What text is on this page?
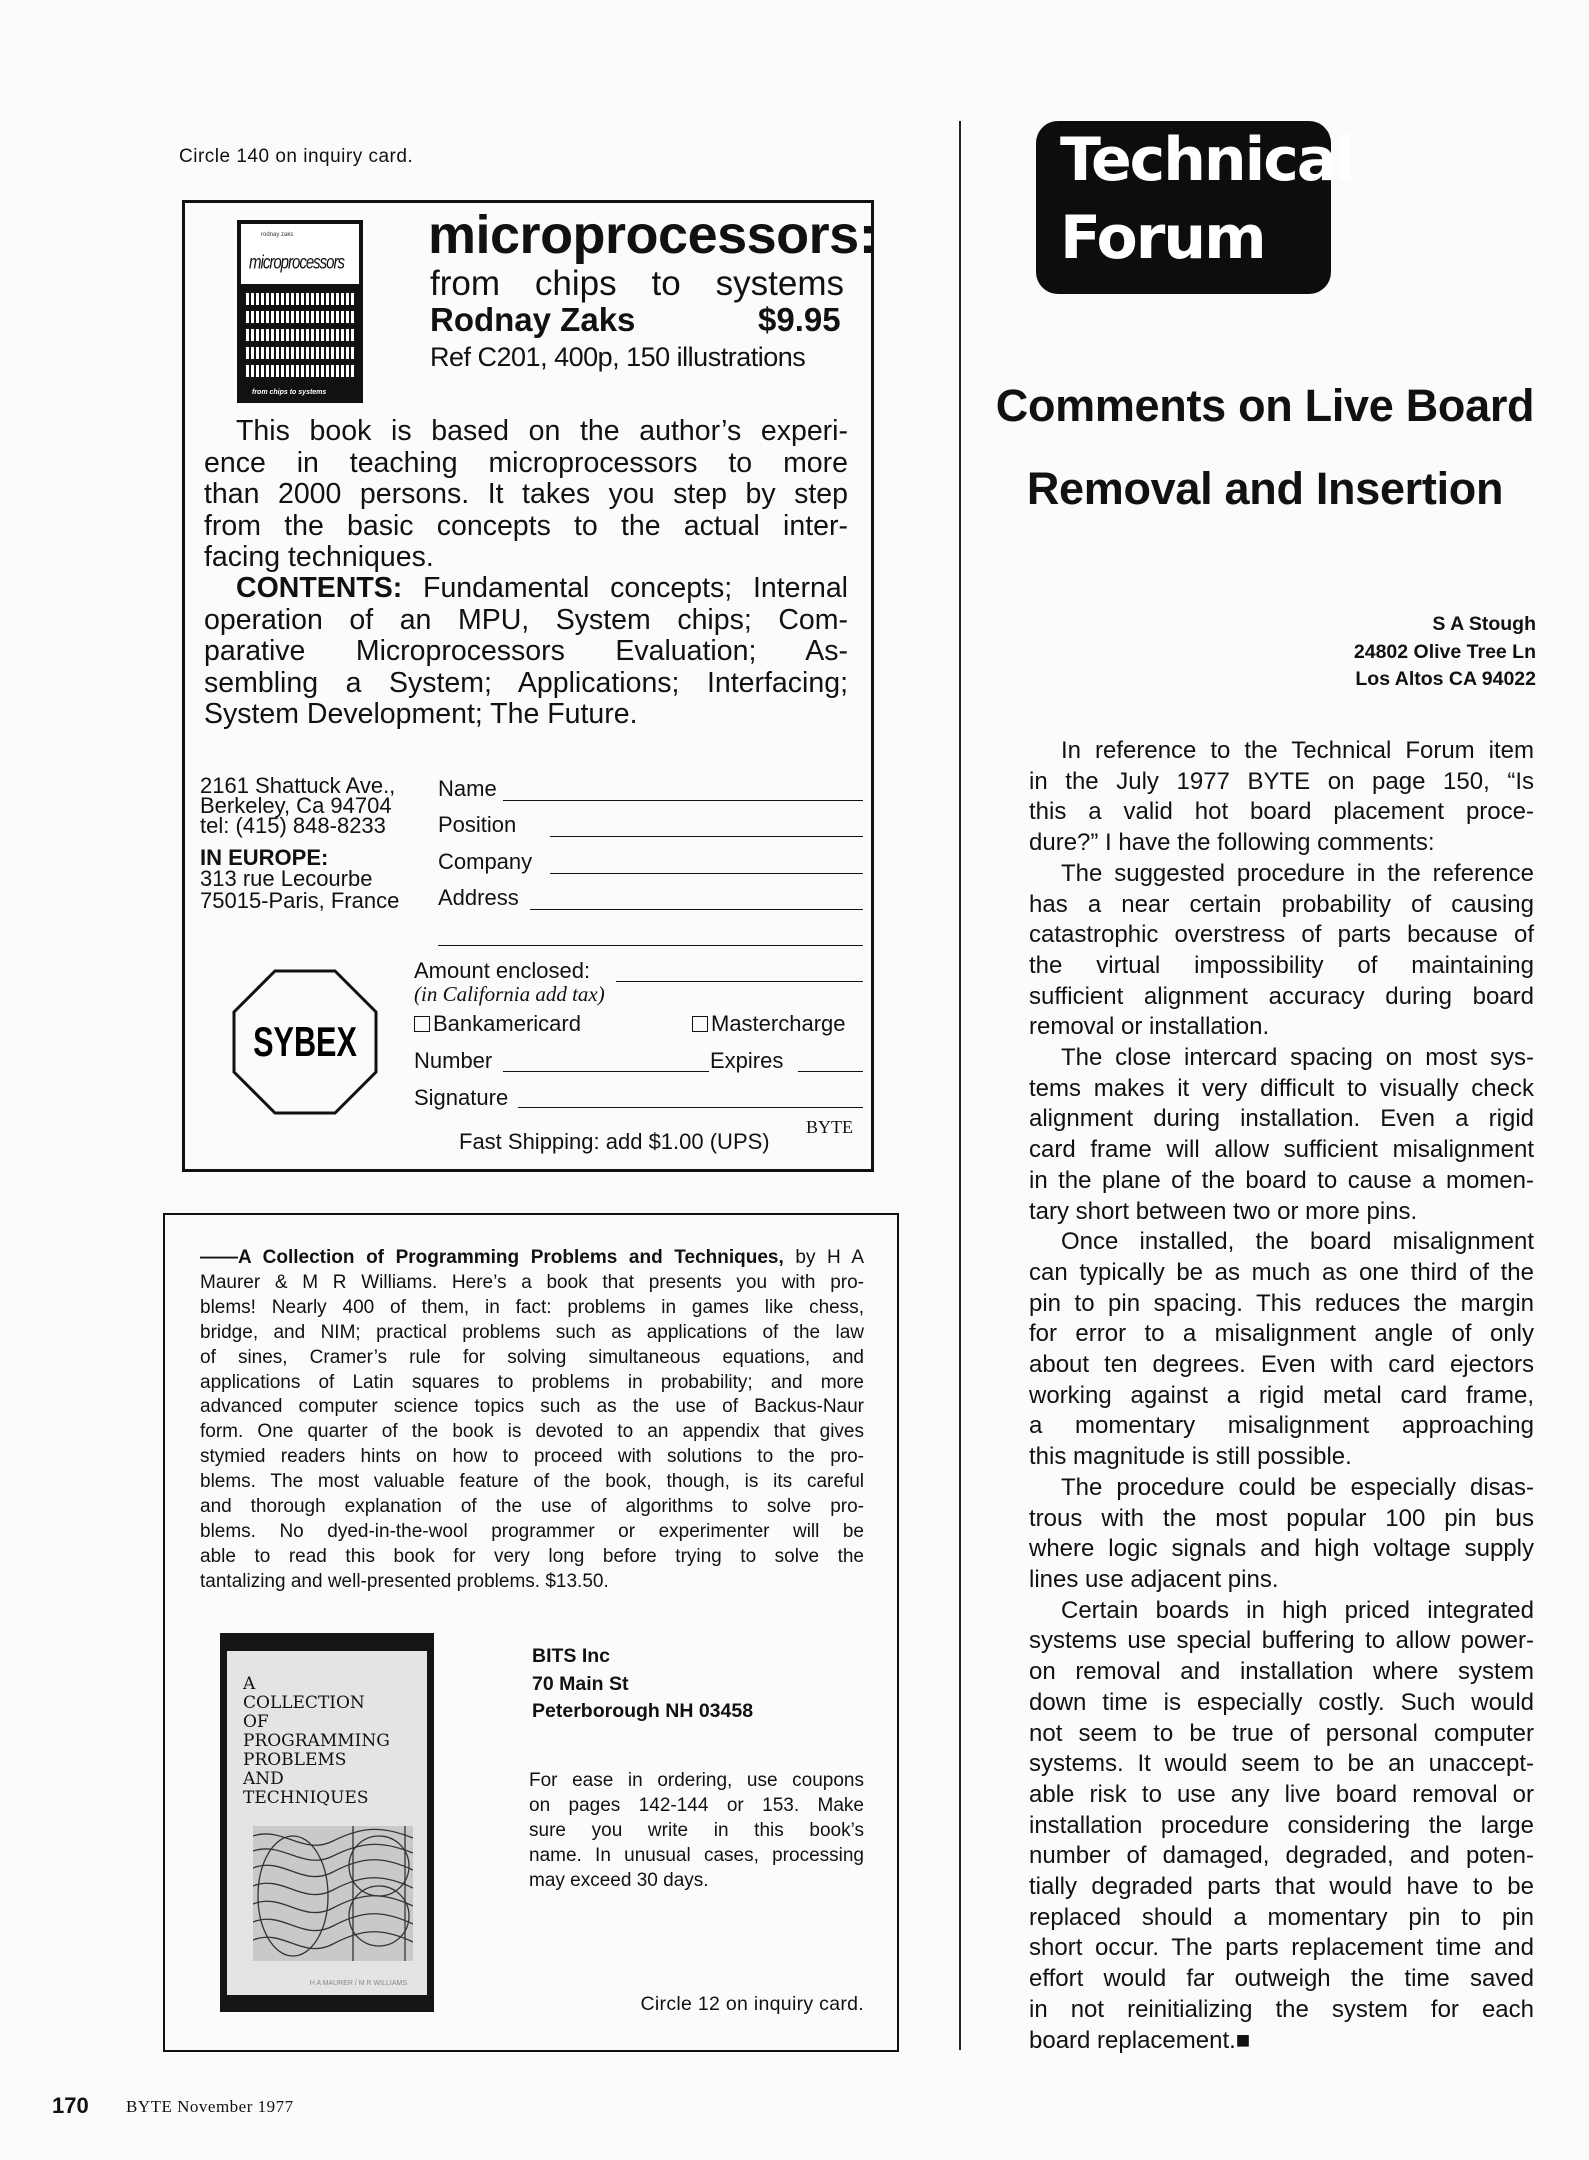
Circle 140 on inquiry card.
rodnay zaks
microprocessors
from chips to systems
microprocessors:
from chips to systems
Rodnay Zaks	$9.95
Ref C201, 400p, 150 illustrations
This book is based on the author’s experi-
ence in teaching microprocessors to more
than 2000 persons. It takes you step by step
from the basic concepts to the actual inter-
facing techniques.
CONTENTS: Fundamental concepts; Internal
operation of an MPU, System chips; Com-
parative Microprocessors Evaluation; As-
sembling a System; Applications; Interfacing;
System Development; The Future.
2161 Shattuck Ave.,
Berkeley, Ca 94704
tel: (415) 848-8233
IN EUROPE:
313 rue Lecourbe
75015-Paris, France
Name
Position
Company
Address
Amount enclosed:
(in California add tax)
Bankamericard	Mastercharge
Number	Expires
Signature
Fast Shipping: add $1.00 (UPS)
BYTE
SYBEX
——A Collection of Programming Problems and Techniques, by H A
Maurer & M R Williams. Here’s a book that presents you with pro-
blems! Nearly 400 of them, in fact: problems in games like chess,
bridge, and NIM; practical problems such as applications of the law
of sines, Cramer’s rule for solving simultaneous equations, and
applications of Latin squares to problems in probability; and more
advanced computer science topics such as the use of Backus-Naur
form. One quarter of the book is devoted to an appendix that gives
stymied readers hints on how to proceed with solutions to the pro-
blems. The most valuable feature of the book, though, is its careful
and thorough explanation of the use of algorithms to solve pro-
blems. No dyed-in-the-wool programmer or experimenter will be
able to read this book for very long before trying to solve the
tantalizing and well-presented problems. $13.50.
A
COLLECTION
OF
PROGRAMMING
PROBLEMS
AND
TECHNIQUES
H A MAURER / M R WILLIAMS
BITS Inc
70 Main St
Peterborough NH 03458
For ease in ordering, use coupons
on pages 142-144 or 153. Make
sure you write in this book’s
name. In unusual cases, processing
may exceed 30 days.
Circle 12 on inquiry card.
Technical
Forum
Comments on Live Board
Removal and Insertion
S A Stough
24802 Olive Tree Ln
Los Altos CA 94022
In reference to the Technical Forum item
in the July 1977 BYTE on page 150, “Is
this a valid hot board placement proce-
dure?” I have the following comments:
The suggested procedure in the reference
has a near certain probability of causing
catastrophic overstress of parts because of
the virtual impossibility of maintaining
sufficient alignment accuracy during board
removal or installation.
The close intercard spacing on most sys-
tems makes it very difficult to visually check
alignment during installation. Even a rigid
card frame will allow sufficient misalignment
in the plane of the board to cause a momen-
tary short between two or more pins.
Once installed, the board misalignment
can typically be as much as one third of the
pin to pin spacing. This reduces the margin
for error to a misalignment angle of only
about ten degrees. Even with card ejectors
working against a rigid metal card frame,
a momentary misalignment approaching
this magnitude is still possible.
The procedure could be especially disas-
trous with the most popular 100 pin bus
where logic signals and high voltage supply
lines use adjacent pins.
Certain boards in high priced integrated
systems use special buffering to allow power-
on removal and installation where system
down time is especially costly. Such would
not seem to be true of personal computer
systems. It would seem to be an unaccept-
able risk to use any live board removal or
installation procedure considering the large
number of damaged, degraded, and poten-
tially degraded parts that would have to be
replaced should a momentary pin to pin
short occur. The parts replacement time and
effort would far outweigh the time saved
in not reinitializing the system for each
board replacement.■
170 BYTE November 1977
